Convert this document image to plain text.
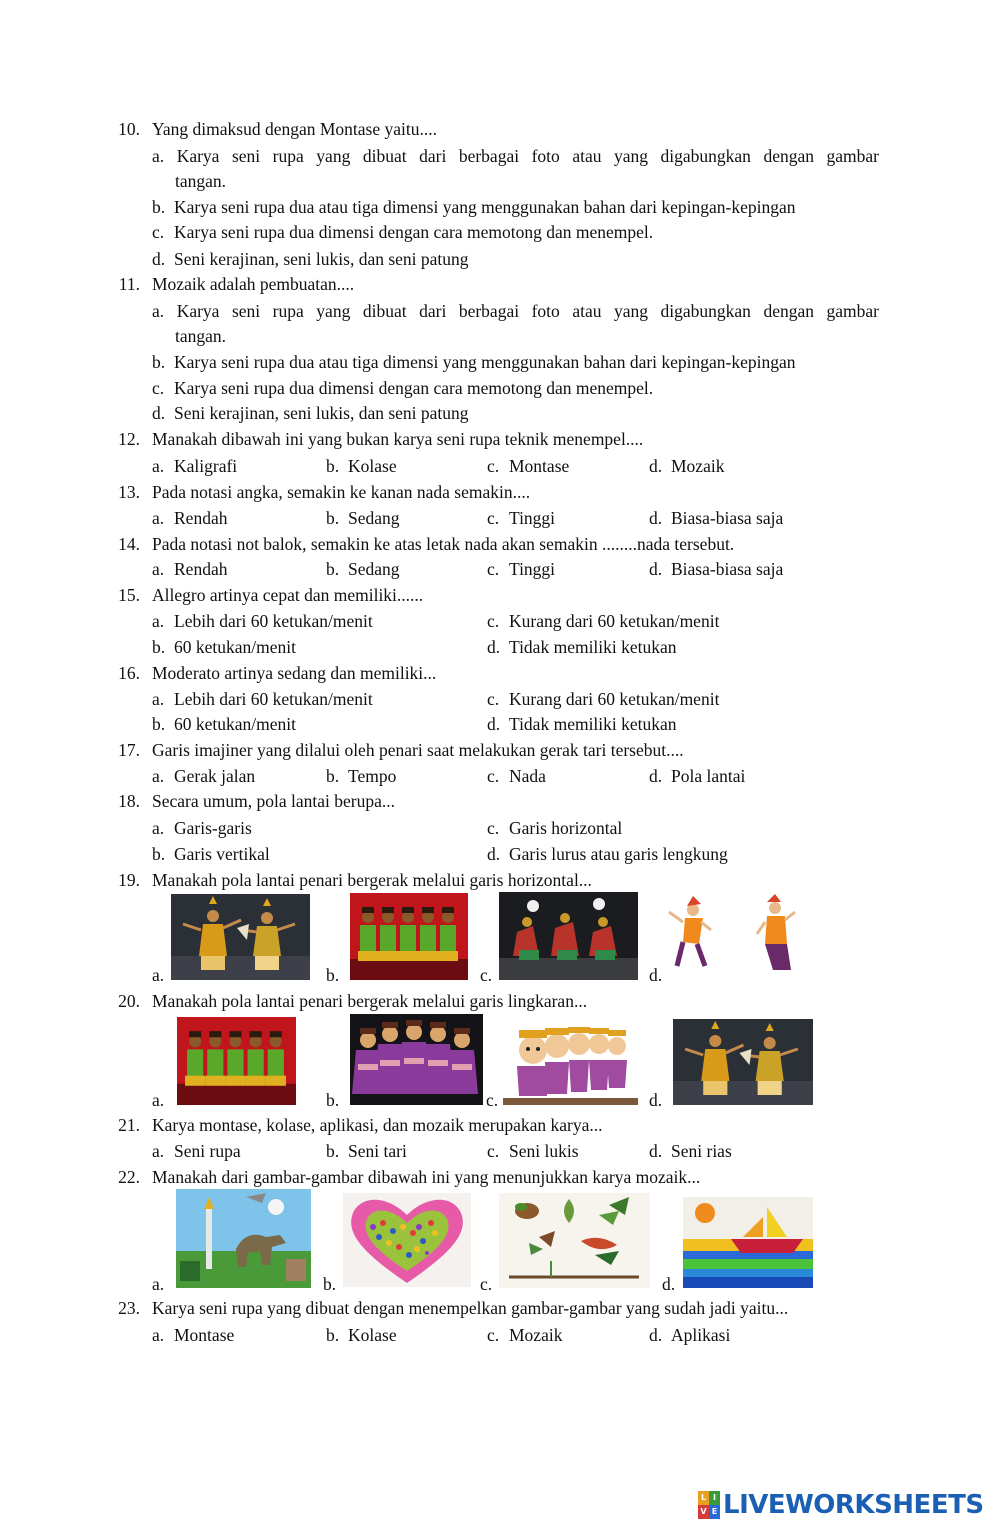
10. Yang dimaksud dengan Montase yaitu....
a. Karya seni rupa yang dibuat dari berbagai foto atau yang digabungkan dengan gambar
tangan.
b. Karya seni rupa dua atau tiga dimensi yang menggunakan bahan dari kepingan-kepingan
c. Karya seni rupa dua dimensi dengan cara memotong dan menempel.
d. Seni kerajinan, seni lukis, dan seni patung
11. Mozaik adalah pembuatan....
a. Karya seni rupa yang dibuat dari berbagai foto atau yang digabungkan dengan gambar
tangan.
b. Karya seni rupa dua atau tiga dimensi yang menggunakan bahan dari kepingan-kepingan
c. Karya seni rupa dua dimensi dengan cara memotong dan menempel.
d. Seni kerajinan, seni lukis, dan seni patung
12. Manakah dibawah ini yang bukan karya seni rupa teknik menempel....
a. Kaligrafi	b. Kolase	c. Montase	d. Mozaik
13. Pada notasi angka, semakin ke kanan nada semakin....
a. Rendah	b. Sedang	c. Tinggi	d. Biasa-biasa saja
14. Pada notasi not balok, semakin ke atas letak nada akan semakin ........nada tersebut.
a. Rendah	b. Sedang	c. Tinggi	d. Biasa-biasa saja
15. Allegro artinya cepat dan memiliki......
a. Lebih dari 60 ketukan/menit	c. Kurang dari 60 ketukan/menit
b. 60 ketukan/menit	d. Tidak memiliki ketukan
16. Moderato artinya sedang dan memiliki...
a. Lebih dari 60 ketukan/menit	c. Kurang dari 60 ketukan/menit
b. 60 ketukan/menit	d. Tidak memiliki ketukan
17. Garis imajiner yang dilalui oleh penari saat melakukan gerak tari tersebut....
a. Gerak jalan	b. Tempo	c. Nada	d. Pola lantai
18. Secara umum, pola lantai berupa...
a. Garis-garis	c. Garis horizontal
b. Garis vertikal	d. Garis lurus atau garis lengkung
19. Manakah pola lantai penari bergerak melalui garis horizontal...
a.	b.	c.	d.
20. Manakah pola lantai penari bergerak melalui garis lingkaran...
a.	b.	c.	d.
21. Karya montase, kolase, aplikasi, dan mozaik merupakan karya...
a. Seni rupa	b. Seni tari	c. Seni lukis	d. Seni rias
22. Manakah dari gambar-gambar dibawah ini yang menunjukkan karya mozaik...
a.	b.	c.	d.
23. Karya seni rupa yang dibuat dengan menempelkan gambar-gambar yang sudah jadi yaitu...
a. Montase	b. Kolase	c. Mozaik	d. Aplikasi
L I
V E LIVEWORKSHEETS
